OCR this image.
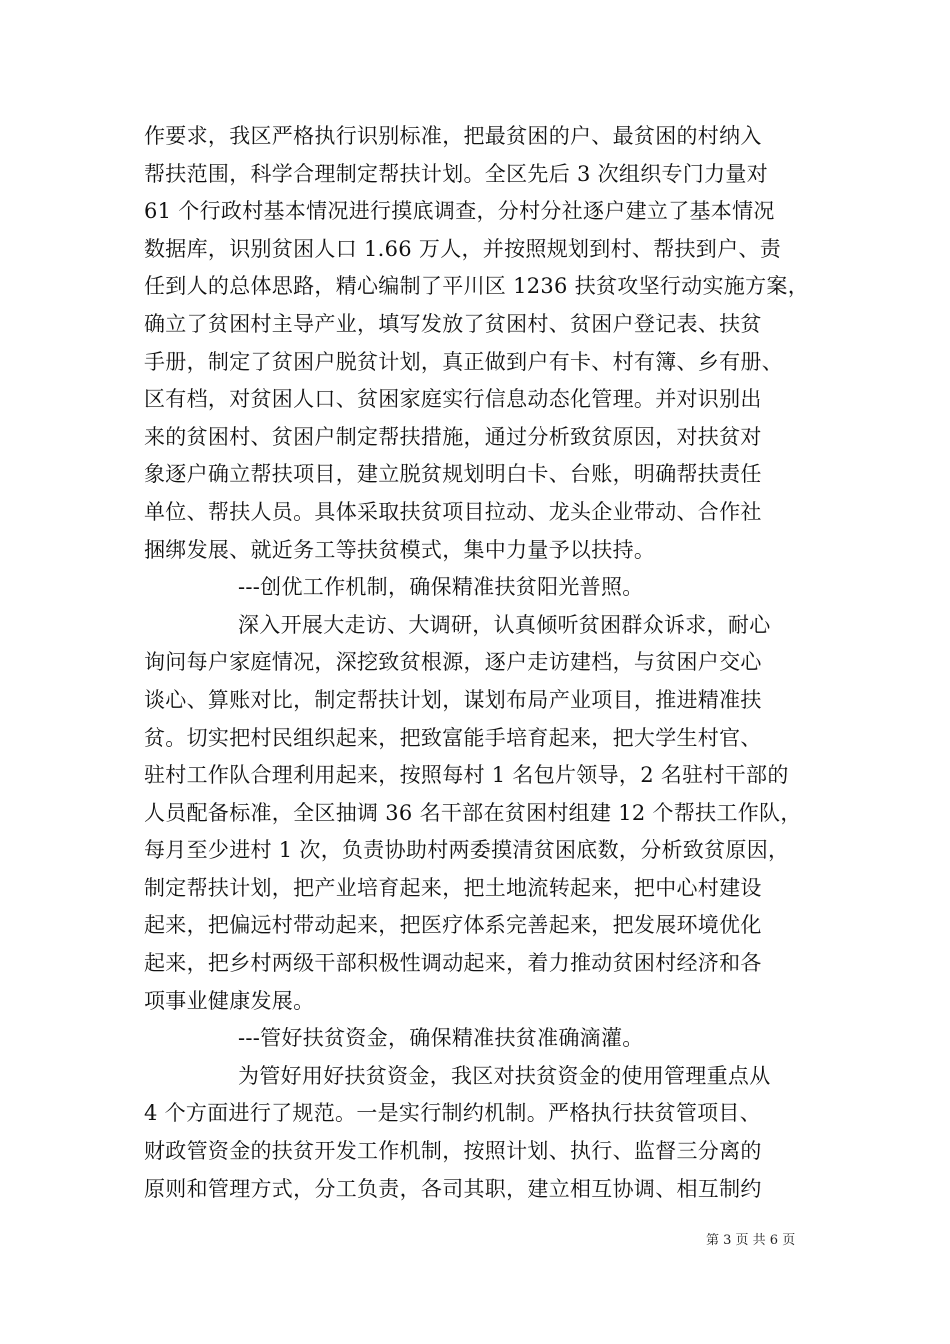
作要求，我区严格执行识别标准，把最贫困的户、最贫困的村纳入
帮扶范围，科学合理制定帮扶计划。全区先后 3 次组织专门力量对
61 个行政村基本情况进行摸底调查，分村分社逐户建立了基本情况
数据库，识别贫困人口 1.66 万人，并按照规划到村、帮扶到户、责
任到人的总体思路，精心编制了平川区 1236 扶贫攻坚行动实施方案，
确立了贫困村主导产业，填写发放了贫困村、贫困户登记表、扶贫
手册，制定了贫困户脱贫计划，真正做到户有卡、村有簿、乡有册、
区有档，对贫困人口、贫困家庭实行信息动态化管理。并对识别出
来的贫困村、贫困户制定帮扶措施，通过分析致贫原因，对扶贫对
象逐户确立帮扶项目，建立脱贫规划明白卡、台账，明确帮扶责任
单位、帮扶人员。具体采取扶贫项目拉动、龙头企业带动、合作社
捆绑发展、就近务工等扶贫模式，集中力量予以扶持。
---创优工作机制，确保精准扶贫阳光普照。
深入开展大走访、大调研，认真倾听贫困群众诉求，耐心
询问每户家庭情况，深挖致贫根源，逐户走访建档，与贫困户交心
谈心、算账对比，制定帮扶计划，谋划布局产业项目，推进精准扶
贫。切实把村民组织起来，把致富能手培育起来，把大学生村官、
驻村工作队合理利用起来，按照每村 1 名包片领导，2 名驻村干部的
人员配备标准，全区抽调 36 名干部在贫困村组建 12 个帮扶工作队，
每月至少进村 1 次，负责协助村两委摸清贫困底数，分析致贫原因，
制定帮扶计划，把产业培育起来，把土地流转起来，把中心村建设
起来，把偏远村带动起来，把医疗体系完善起来，把发展环境优化
起来，把乡村两级干部积极性调动起来，着力推动贫困村经济和各
项事业健康发展。
---管好扶贫资金，确保精准扶贫准确滴灌。
为管好用好扶贫资金，我区对扶贫资金的使用管理重点从
4 个方面进行了规范。一是实行制约机制。严格执行扶贫管项目、
财政管资金的扶贫开发工作机制，按照计划、执行、监督三分离的
原则和管理方式，分工负责，各司其职，建立相互协调、相互制约
第 3 页 共 6 页
